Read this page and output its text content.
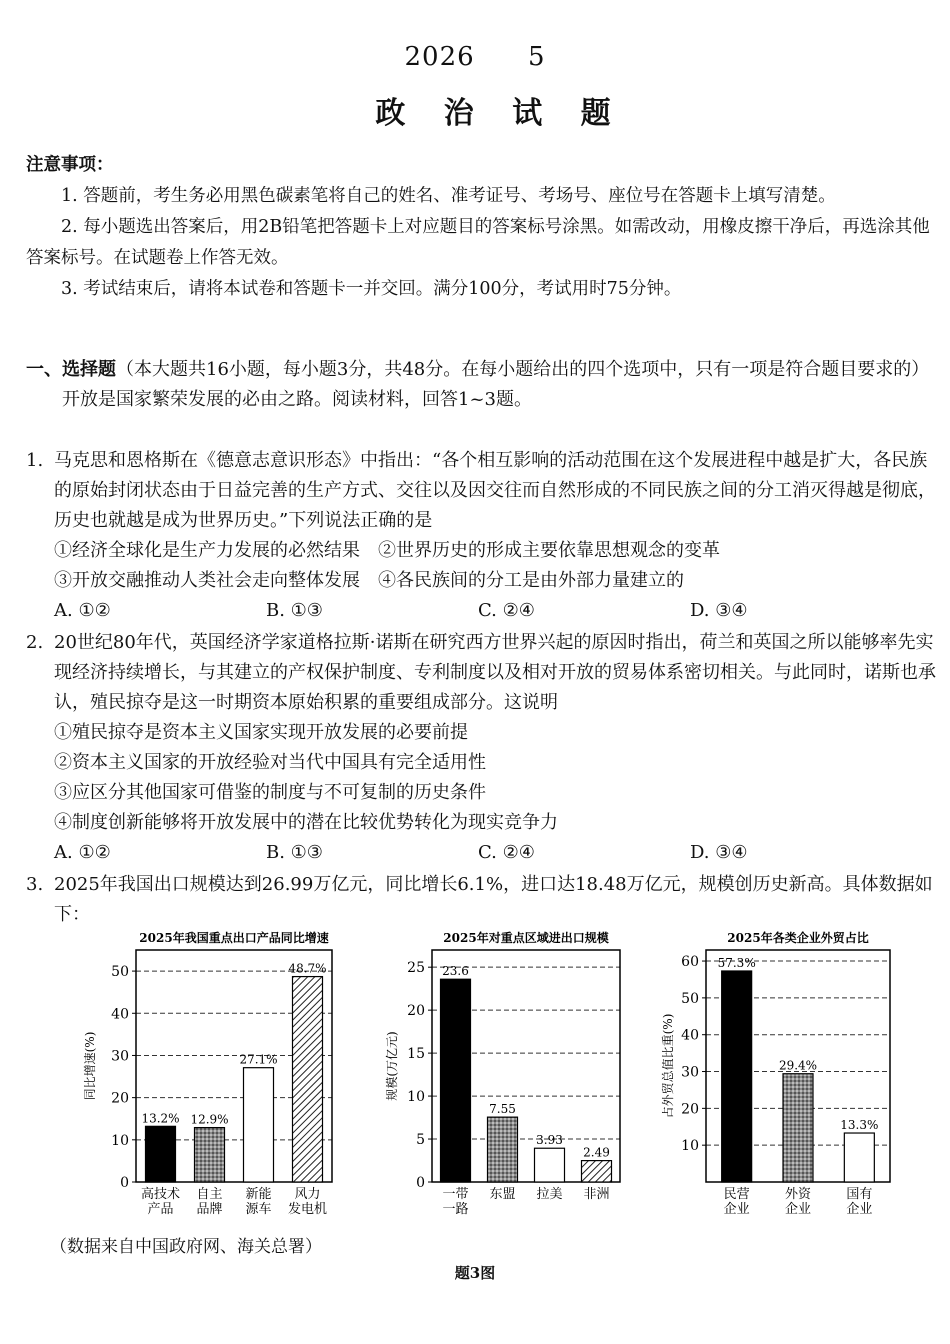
2026 5
政 治 试 题
注意事项：
1. 答题前，考生务必用黑色碳素笔将自己的姓名、准考证号、考场号、座位号在答题卡上填写清楚。
2. 每小题选出答案后，用2B铅笔把答题卡上对应题目的答案标号涂黑。如需改动，用橡皮擦干净后，再选涂其他答案标号。在试题卷上作答无效。
3. 考试结束后，请将本试卷和答题卡一并交回。满分100分，考试用时75分钟。
一、选择题（本大题共16小题，每小题3分，共48分。在每小题给出的四个选项中，只有一项是符合题目要求的）
开放是国家繁荣发展的必由之路。阅读材料，回答1~3题。
1. 马克思和恩格斯在《德意志意识形态》中指出：“各个相互影响的活动范围在这个发展进程中越是扩大，各民族的原始封闭状态由于日益完善的生产方式、交往以及因交往而自然形成的不同民族之间的分工消灭得越是彻底，历史也就越是成为世界历史。”下列说法正确的是
①经济全球化是生产力发展的必然结果　②世界历史的形成主要依靠思想观念的变革
③开放交融推动人类社会走向整体发展　④各民族间的分工是由外部力量建立的
A. ①②	B. ①③	C. ②④	D. ③④
2. 20世纪80年代，英国经济学家道格拉斯·诺斯在研究西方世界兴起的原因时指出，荷兰和英国之所以能够率先实现经济持续增长，与其建立的产权保护制度、专利制度以及相对开放的贸易体系密切相关。与此同时，诺斯也承认，殖民掠夺是这一时期资本原始积累的重要组成部分。这说明
①殖民掠夺是资本主义国家实现开放发展的必要前提
②资本主义国家的开放经验对当代中国具有完全适用性
③应区分其他国家可借鉴的制度与不可复制的历史条件
④制度创新能够将开放发展中的潜在比较优势转化为现实竞争力
A. ①②	B. ①③	C. ②④	D. ③④
3. 2025年我国出口规模达到26.99万亿元，同比增长6.1%，进口达18.48万亿元，规模创历史新高。具体数据如下：
2025年我国重点出口产品同比增速
0
10
20
30
40
50
同比增速(%)
13.2%
高技术
产品
12.9%
自主
品牌
27.1%
新能
源车
48.7%
风力
发电机
2025年对重点区域进出口规模
0
5
10
15
20
25
规模(万亿元)
23.6
一带
一路
7.55
东盟
3.93
拉美
2.49
非洲
2025年各类企业外贸占比
10
20
30
40
50
60
占外贸总值比重(%)
57.3%
民营
企业
29.4%
外资
企业
13.3%
国有
企业
（数据来自中国政府网、海关总署）
题3图
